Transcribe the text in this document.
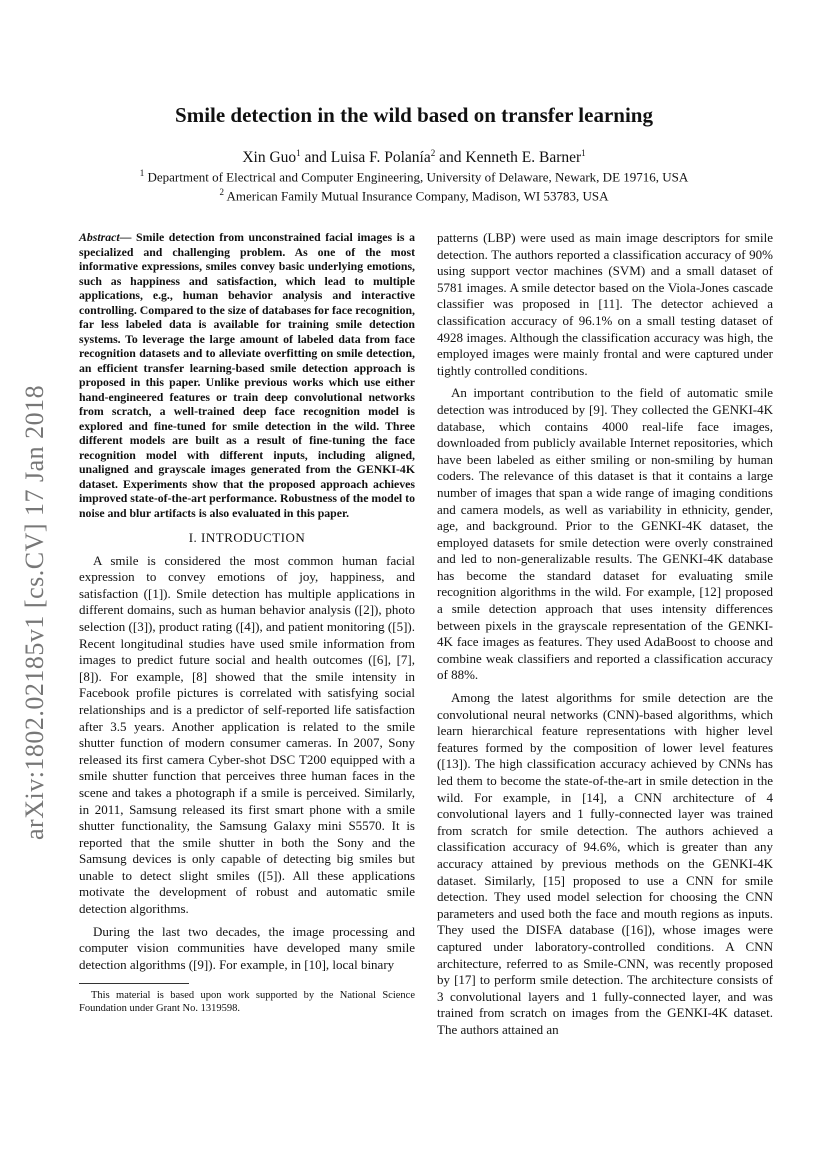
arXiv:1802.02185v1 [cs.CV] 17 Jan 2018
Smile detection in the wild based on transfer learning
Xin Guo$^1$ and Luisa F. Polanía$^2$ and Kenneth E. Barner$^1$
$^1$ Department of Electrical and Computer Engineering, University of Delaware, Newark, DE 19716, USA
$^2$ American Family Mutual Insurance Company, Madison, WI 53783, USA
Abstract— Smile detection from unconstrained facial images is a specialized and challenging problem. As one of the most informative expressions, smiles convey basic underlying emotions, such as happiness and satisfaction, which lead to multiple applications, e.g., human behavior analysis and interactive controlling. Compared to the size of databases for face recognition, far less labeled data is available for training smile detection systems. To leverage the large amount of labeled data from face recognition datasets and to alleviate overfitting on smile detection, an efficient transfer learning-based smile detection approach is proposed in this paper. Unlike previous works which use either hand-engineered features or train deep convolutional networks from scratch, a well-trained deep face recognition model is explored and fine-tuned for smile detection in the wild. Three different models are built as a result of fine-tuning the face recognition model with different inputs, including aligned, unaligned and grayscale images generated from the GENKI-4K dataset. Experiments show that the proposed approach achieves improved state-of-the-art performance. Robustness of the model to noise and blur artifacts is also evaluated in this paper.
I. INTRODUCTION

A smile is considered the most common human facial expression to convey emotions of joy, happiness, and satisfaction ([1]). Smile detection has multiple applications in different domains, such as human behavior analysis ([2]), photo selection ([3]), product rating ([4]), and patient monitoring ([5]). Recent longitudinal studies have used smile information from images to predict future social and health outcomes ([6], [7], [8]). For example, [8] showed that the smile intensity in Facebook profile pictures is correlated with satisfying social relationships and is a predictor of self-reported life satisfaction after 3.5 years. Another application is related to the smile shutter function of modern consumer cameras. In 2007, Sony released its first camera Cyber-shot DSC T200 equipped with a smile shutter function that perceives three human faces in the scene and takes a photograph if a smile is perceived. Similarly, in 2011, Samsung released its first smart phone with a smile shutter functionality, the Samsung Galaxy mini S5570. It is reported that the smile shutter in both the Sony and the Samsung devices is only capable of detecting big smiles but unable to detect slight smiles ([5]). All these applications motivate the development of robust and automatic smile detection algorithms.

During the last two decades, the image processing and computer vision communities have developed many smile detection algorithms ([9]). For example, in [10], local binary

This material is based upon work supported by the National Science Foundation under Grant No. 1319598.

patterns (LBP) were used as main image descriptors for smile detection. The authors reported a classification accuracy of 90% using support vector machines (SVM) and a small dataset of 5781 images. A smile detector based on the Viola-Jones cascade classifier was proposed in [11]. The detector achieved a classification accuracy of 96.1% on a small testing dataset of 4928 images. Although the classification accuracy was high, the employed images were mainly frontal and were captured under tightly controlled conditions.

An important contribution to the field of automatic smile detection was introduced by [9]. They collected the GENKI-4K database, which contains 4000 real-life face images, downloaded from publicly available Internet repositories, which have been labeled as either smiling or non-smiling by human coders. The relevance of this dataset is that it contains a large number of images that span a wide range of imaging conditions and camera models, as well as variability in ethnicity, gender, age, and background. Prior to the GENKI-4K dataset, the employed datasets for smile detection were overly constrained and led to non-generalizable results. The GENKI-4K database has become the standard dataset for evaluating smile recognition algorithms in the wild. For example, [12] proposed a smile detection approach that uses intensity differences between pixels in the grayscale representation of the GENKI-4K face images as features. They used AdaBoost to choose and combine weak classifiers and reported a classification accuracy of 88%.

Among the latest algorithms for smile detection are the convolutional neural networks (CNN)-based algorithms, which learn hierarchical feature representations with higher level features formed by the composition of lower level features ([13]). The high classification accuracy achieved by CNNs has led them to become the state-of-the-art in smile detection in the wild. For example, in [14], a CNN architecture of 4 convolutional layers and 1 fully-connected layer was trained from scratch for smile detection. The authors achieved a classification accuracy of 94.6%, which is greater than any accuracy attained by previous methods on the GENKI-4K dataset. Similarly, [15] proposed to use a CNN for smile detection. They used model selection for choosing the CNN parameters and used both the face and mouth regions as inputs. They used the DISFA database ([16]), whose images were captured under laboratory-controlled conditions. A CNN architecture, referred to as Smile-CNN, was recently proposed by [17] to perform smile detection. The architecture consists of 3 convolutional layers and 1 fully-connected layer, and was trained from scratch on images from the GENKI-4K dataset. The authors attained an
